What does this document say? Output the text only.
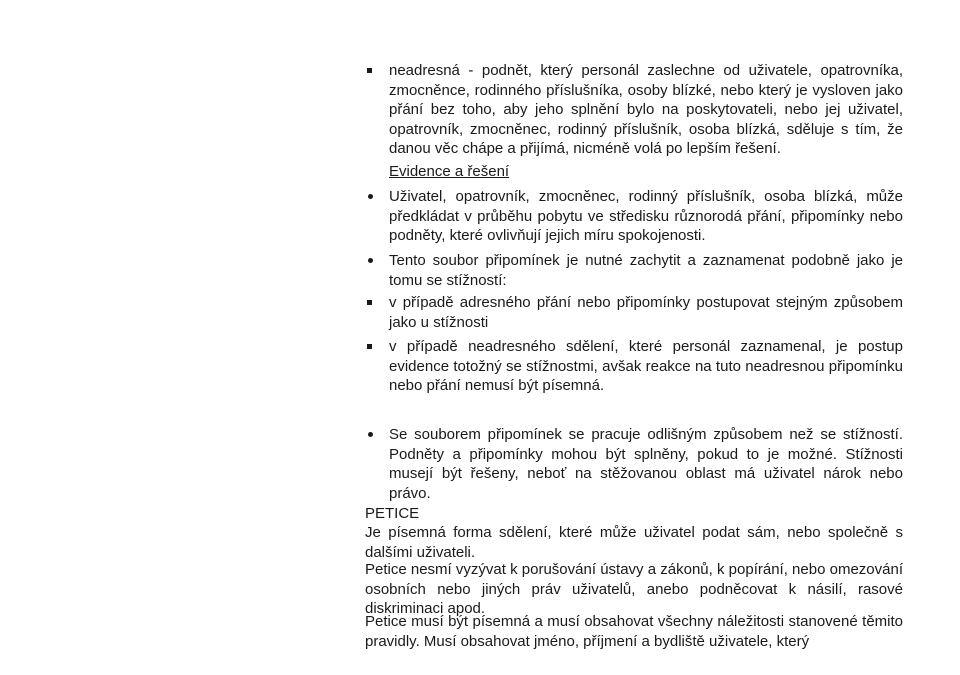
neadresná - podnět, který personál zaslechne od uživatele, opatrovníka, zmocněnce, rodinného příslušníka, osoby blízké, nebo který je vysloven jako přání bez toho, aby jeho splnění bylo na poskytovateli, nebo jej uživatel, opatrovník, zmocněnec, rodinný příslušník, osoba blízká, sděluje s tím, že danou věc chápe a přijímá, nicméně volá po lepším řešení.
Evidence a řešení
Uživatel, opatrovník, zmocněnec, rodinný příslušník, osoba blízká, může předkládat v průběhu pobytu ve středisku různorodá přání, připomínky nebo podněty, které ovlivňují jejich míru spokojenosti.
Tento soubor připomínek je nutné zachytit a zaznamenat podobně jako je tomu se stížností:
v případě adresného přání nebo připomínky postupovat stejným způsobem jako u stížnosti
v případě neadresného sdělení, které personál zaznamenal, je postup evidence totožný se stížnostmi, avšak reakce na tuto neadresnou připomínku nebo přání nemusí být písemná.
Se souborem připomínek se pracuje odlišným způsobem než se stížností. Podněty a připomínky mohou být splněny, pokud to je možné. Stížnosti musejí být řešeny, neboť na stěžovanou oblast má uživatel nárok nebo právo.
PETICE
Je písemná forma sdělení, které může uživatel podat sám, nebo společně s dalšími uživateli.
Petice nesmí vyzývat k porušování ústavy a zákonů, k popírání, nebo omezování osobních nebo jiných práv uživatelů, anebo podněcovat k násilí, rasové diskriminaci apod.
Petice musí být písemná a musí obsahovat všechny náležitosti stanovené těmito pravidly. Musí obsahovat jméno, příjmení a bydliště uživatele, který
